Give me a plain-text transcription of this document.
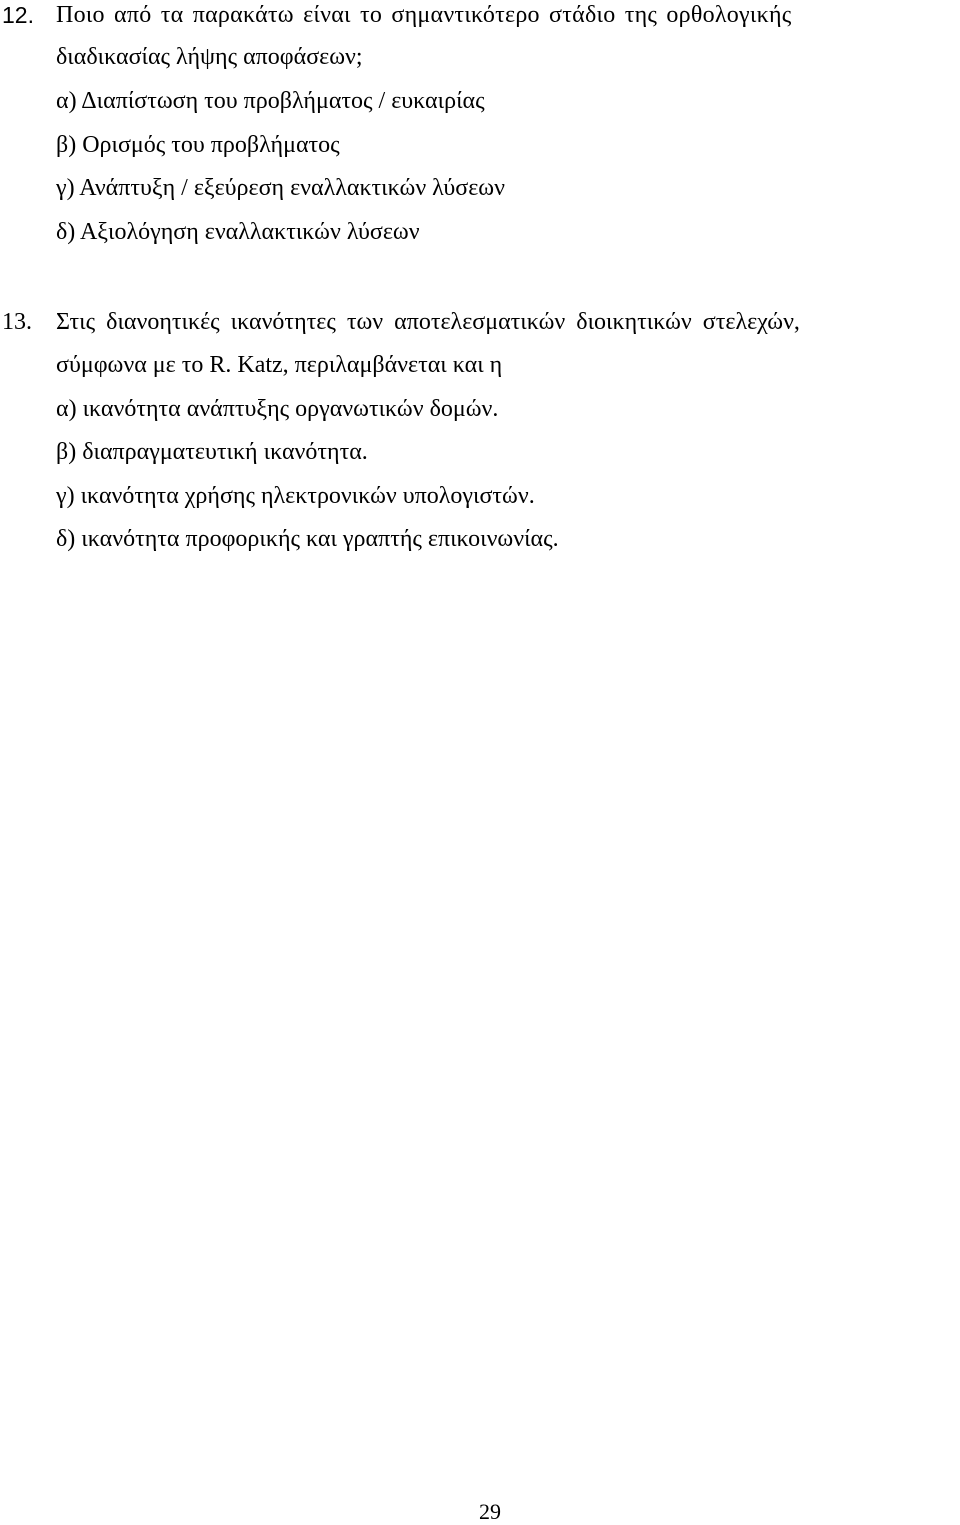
12. Ποιο από τα παρακάτω είναι το σημαντικότερο στάδιο της ορθολογικής
διαδικασίας λήψης αποφάσεων;
α) Διαπίστωση του προβλήματος / ευκαιρίας
β) Ορισμός του προβλήματος
γ) Ανάπτυξη / εξεύρεση εναλλακτικών λύσεων
δ) Αξιολόγηση εναλλακτικών λύσεων
13. Στις διανοητικές ικανότητες των αποτελεσματικών διοικητικών στελεχών,
σύμφωνα με το R. Katz, περιλαμβάνεται και η
α) ικανότητα ανάπτυξης οργανωτικών δομών.
β) διαπραγματευτική ικανότητα.
γ) ικανότητα χρήσης ηλεκτρονικών υπολογιστών.
δ) ικανότητα προφορικής και γραπτής επικοινωνίας.
29
